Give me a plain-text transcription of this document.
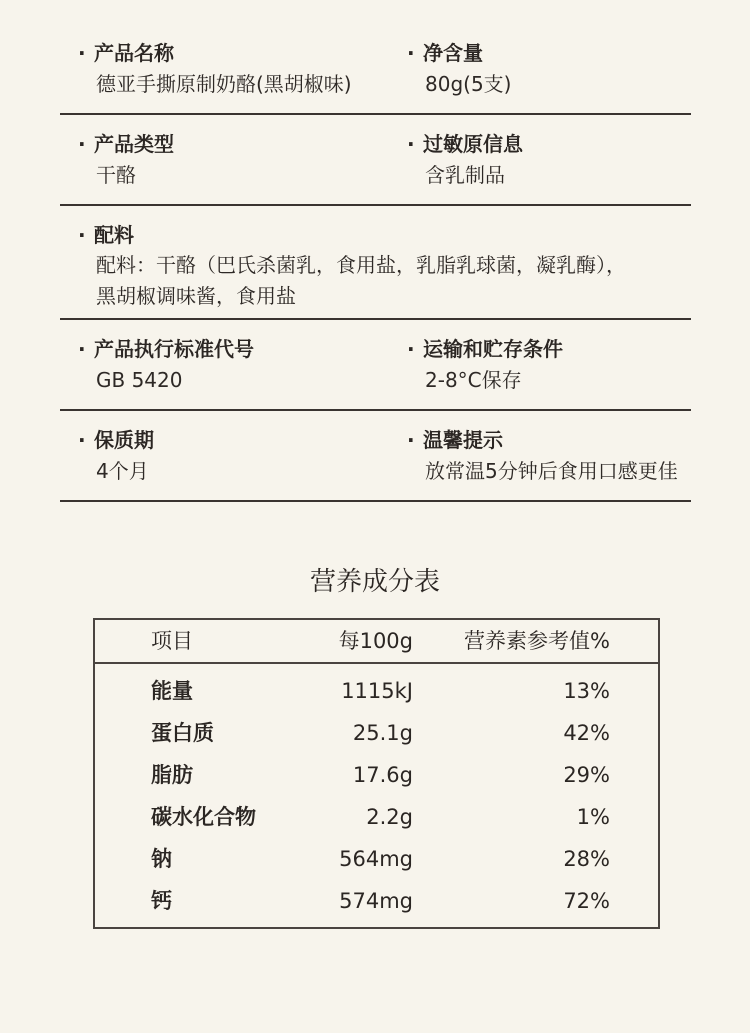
· 产品名称
德亚手撕原制奶酪(黑胡椒味)
· 净含量
80g(5支)
· 产品类型
干酪
· 过敏原信息
含乳制品
· 配料
配料：干酪（巴氏杀菌乳，食用盐，乳脂乳球菌，凝乳酶），
黑胡椒调味酱，食用盐
· 产品执行标准代号
GB 5420
· 运输和贮存条件
2-8°C保存
· 保质期
4个月
· 温馨提示
放常温5分钟后食用口感更佳
营养成分表
项目	每100g 营养素参考值%
能量	1115kJ	13%
蛋白质	25.1g	42%
脂肪	17.6g	29%
碳水化合物	2.2g	1%
钠	564mg	28%
钙	574mg	72%
